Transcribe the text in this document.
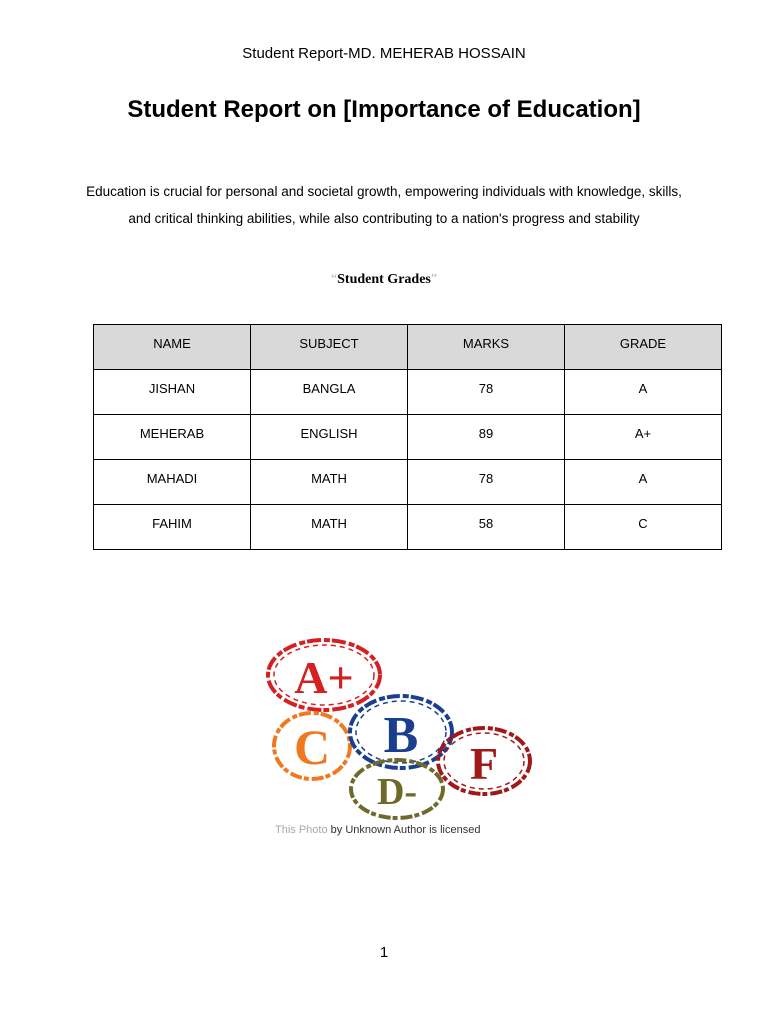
Student Report-MD. MEHERAB HOSSAIN
Student Report on [Importance of Education]

Education is crucial for personal and societal growth, empowering individuals with knowledge, skills, and critical thinking abilities, while also contributing to a nation's progress and stability

“Student Grades”
NAME	SUBJECT	MARKS	GRADE
JISHAN	BANGLA	78	A
MEHERAB	ENGLISH	89	A+
MAHADI	MATH	78	A
FAHIM	MATH	58	C
A+
C B F
D-
This Photo by Unknown Author is licensed
1
